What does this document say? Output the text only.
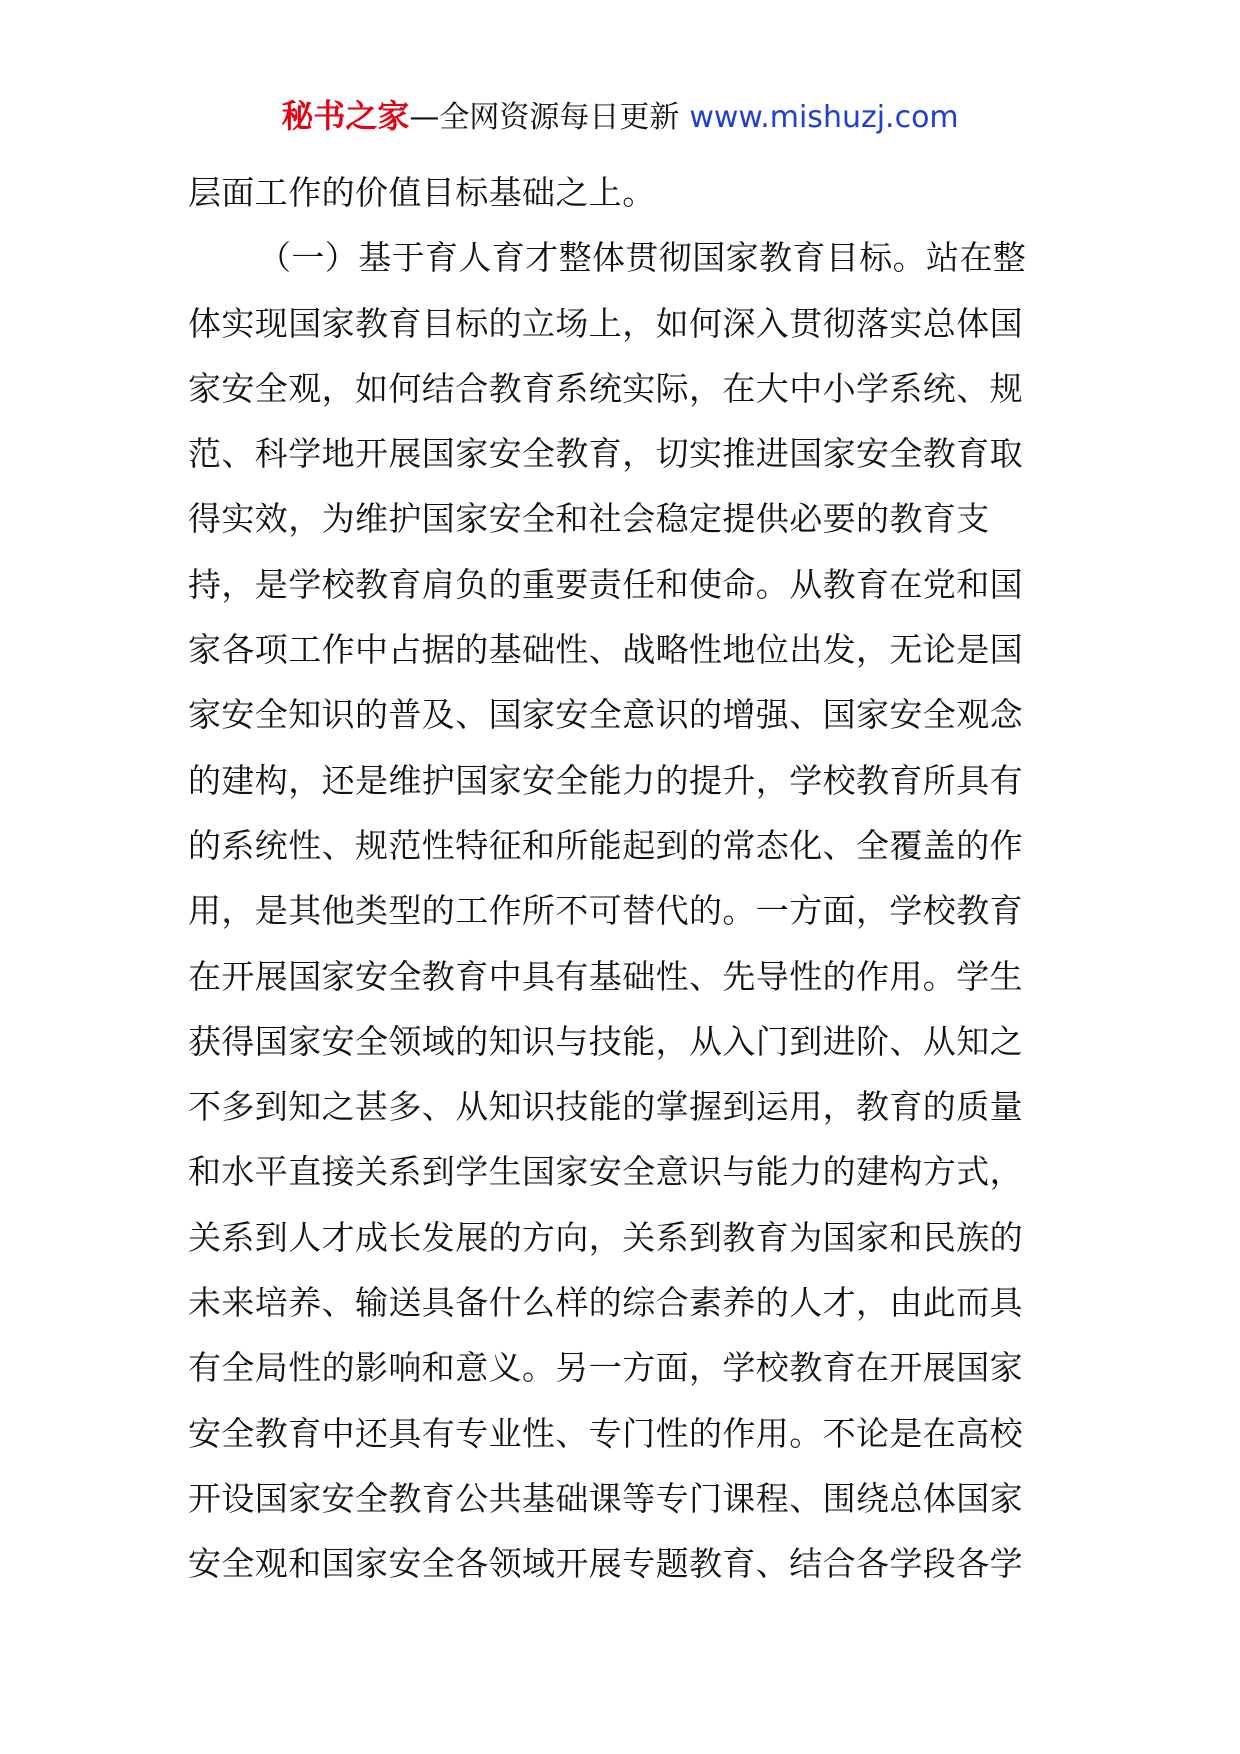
秘书之家—全网资源每日更新 www.mishuzj.com
层面工作的价值目标基础之上。
（一）基于育人育才整体贯彻国家教育目标。站在整
体实现国家教育目标的立场上，如何深入贯彻落实总体国
家安全观，如何结合教育系统实际，在大中小学系统、规
范、科学地开展国家安全教育，切实推进国家安全教育取
得实效，为维护国家安全和社会稳定提供必要的教育支
持，是学校教育肩负的重要责任和使命。从教育在党和国
家各项工作中占据的基础性、战略性地位出发，无论是国
家安全知识的普及、国家安全意识的增强、国家安全观念
的建构，还是维护国家安全能力的提升，学校教育所具有
的系统性、规范性特征和所能起到的常态化、全覆盖的作
用，是其他类型的工作所不可替代的。一方面，学校教育
在开展国家安全教育中具有基础性、先导性的作用。学生
获得国家安全领域的知识与技能，从入门到进阶、从知之
不多到知之甚多、从知识技能的掌握到运用，教育的质量
和水平直接关系到学生国家安全意识与能力的建构方式，
关系到人才成长发展的方向，关系到教育为国家和民族的
未来培养、输送具备什么样的综合素养的人才，由此而具
有全局性的影响和意义。另一方面，学校教育在开展国家
安全教育中还具有专业性、专门性的作用。不论是在高校
开设国家安全教育公共基础课等专门课程、围绕总体国家
安全观和国家安全各领域开展专题教育、结合各学段各学
